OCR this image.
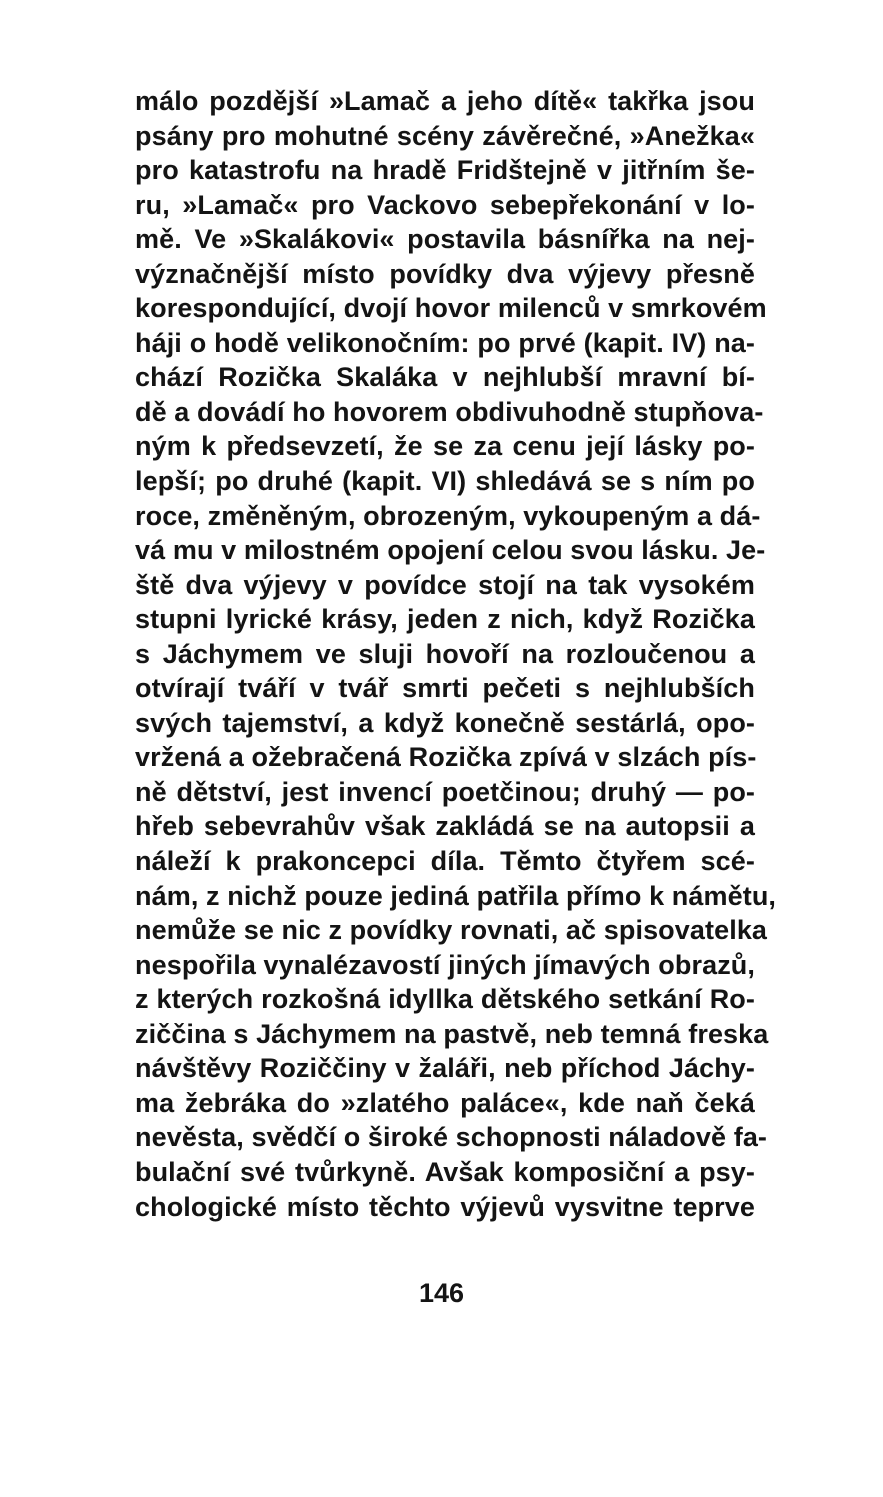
málo pozdější »Lamač a jeho dítě« takřka jsou
psány pro mohutné scény závěrečné, »Anežka«
pro katastrofu na hradě Fridštejně v jitřním še-
ru, »Lamač« pro Vackovo sebepřekonání v lo-
mě. Ve »Skalákovi« postavila básnířka na nej-
význačnější místo povídky dva výjevy přesně
korespondující, dvojí hovor milenců v smrkovém
háji o hodě velikonočním: po prvé (kapit. IV) na-
chází Rozička Skaláka v nejhlubší mravní bí-
dě a dovádí ho hovorem obdivuhodně stupňova-
ným k předsevzetí, že se za cenu její lásky po-
lepší; po druhé (kapit. VI) shledává se s ním po
roce, změněným, obrozeným, vykoupeným a dá-
vá mu v milostném opojení celou svou lásku. Je-
ště dva výjevy v povídce stojí na tak vysokém
stupni lyrické krásy, jeden z nich, když Rozička
s Jáchymem ve sluji hovoří na rozloučenou a
otvírají tváří v tvář smrti pečeti s nejhlubších
svých tajemství, a když konečně sestárlá, opo-
vržená a ožebračená Rozička zpívá v slzách pís-
ně dětství, jest invencí poetčinou; druhý — po-
hřeb sebevrahův však zakládá se na autopsii a
náleží k prakoncepci díla. Těmto čtyřem scé-
nám, z nichž pouze jediná patřila přímo k námětu,
nemůže se nic z povídky rovnati, ač spisovatelka
nespořila vynalézavostí jiných jímavých obrazů,
z kterých rozkošná idyllka dětského setkání Ro-
ziččina s Jáchymem na pastvě, neb temná freska
návštěvy Roziččiny v žaláři, neb příchod Jáchy-
ma žebráka do »zlatého paláce«, kde naň čeká
nevěsta, svědčí o široké schopnosti náladově fa-
bulační své tvůrkyně. Avšak komposiční a psy-
chologické místo těchto výjevů vysvitne teprve
146
